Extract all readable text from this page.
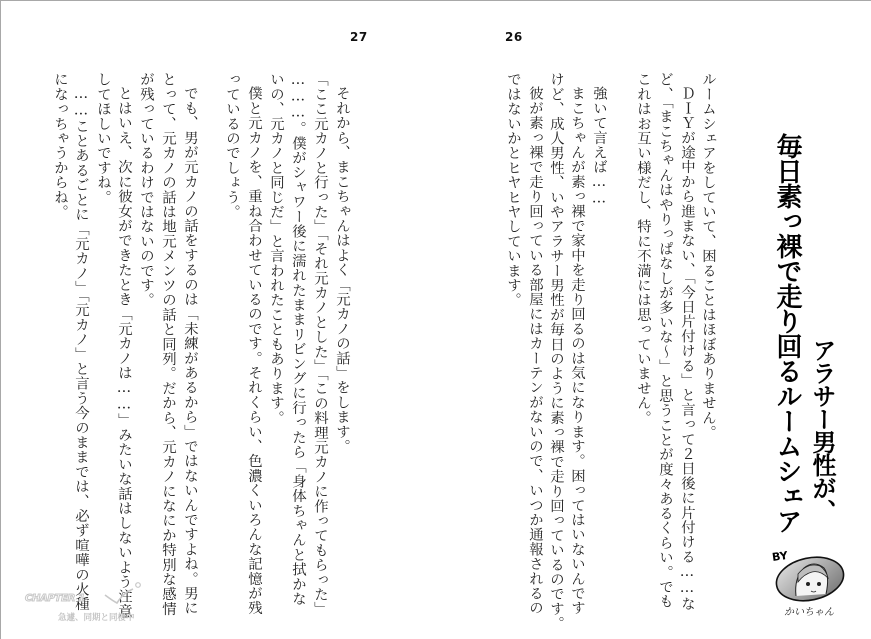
27
それから、まこちゃんはよく「元カノの話」をします。
「ここ元カノと行った」「それ元カノとした」「この料理元カノに作ってもらった」
………。僕がシャワー後に濡れたままリビングに行ったら「身体ちゃんと拭かな
いの、元カノと同じだ」と言われたこともあります。
僕と元カノを、重ね合わせているのです。それくらい、色濃くいろんな記憶が残
っているのでしょう。
でも、男が元カノの話をするのは「未練があるから」ではないんですよね。男に
とって、元カノの話は地元メンツの話と同列。だから、元カノになにか特別な感情
が残っているわけではないのです。
とはいえ、次に彼女ができたとき「元カノは……」みたいな話はしないよう注意
してほしいですね。
……ことあるごとに「元カノ」「元カノ」と言う今のままでは、必ず喧嘩の火種
になっちゃうからね。
CHAPTER 1
急遽、同期と同棲中
26
ルームシェアをしていて、困ることはほぼありません。
ＤＩＹが途中から進まない、「今日片付ける」と言って２日後に片付ける……な
ど、「まこちゃんはやりっぱなしが多いな〜」と思うことが度々あるくらい。でも
これはお互い様だし、特に不満には思っていません。
強いて言えば……
まこちゃんが素っ裸で家中を走り回るのは気になります。困ってはいないんです
けど、成人男性、いやアラサー男性が毎日のように素っ裸で走り回っているのです。
彼が素っ裸で走り回っている部屋にはカーテンがないので、いつか通報されるの
ではないかとヒヤヒヤしています。
アラサー男性が、
毎日素っ裸で走り回るルームシェア
BY
かいちゃん
